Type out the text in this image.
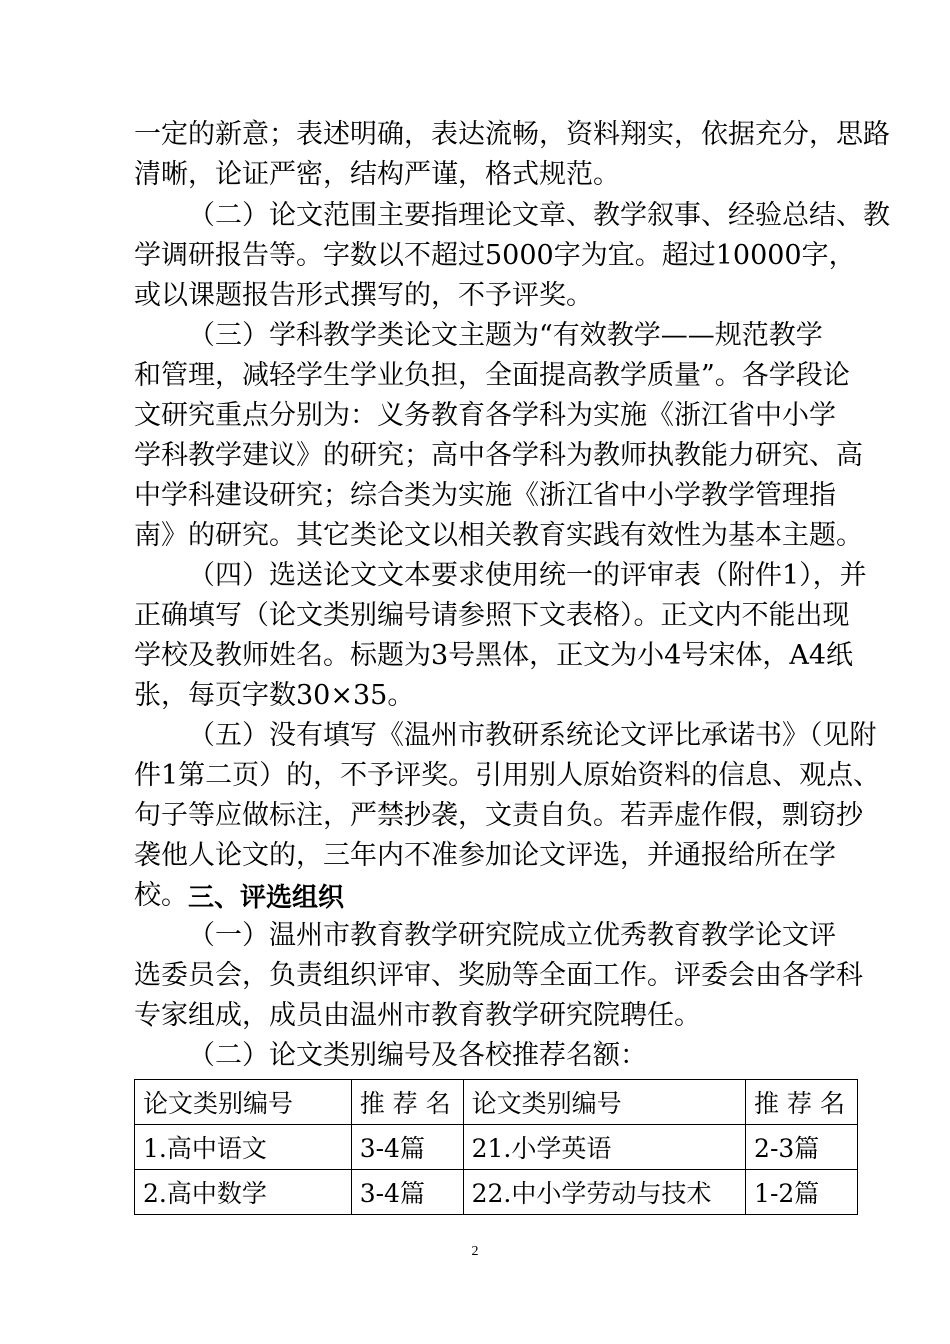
一定的新意；表述明确，表达流畅，资料翔实，依据充分，思路
清晰，论证严密，结构严谨，格式规范。
（二）论文范围主要指理论文章、教学叙事、经验总结、教
学调研报告等。字数以不超过5000字为宜。超过10000字，
或以课题报告形式撰写的，不予评奖。
（三）学科教学类论文主题为“有效教学——规范教学
和管理，减轻学生学业负担，全面提高教学质量”。各学段论
文研究重点分别为：义务教育各学科为实施《浙江省中小学
学科教学建议》的研究；高中各学科为教师执教能力研究、高
中学科建设研究；综合类为实施《浙江省中小学教学管理指
南》的研究。其它类论文以相关教育实践有效性为基本主题。
（四）选送论文文本要求使用统一的评审表（附件1），并
正确填写（论文类别编号请参照下文表格）。正文内不能出现
学校及教师姓名。标题为3号黑体，正文为小4号宋体，A4纸
张，每页字数30×35。
（五）没有填写《温州市教研系统论文评比承诺书》（见附
件1第二页）的，不予评奖。引用别人原始资料的信息、观点、
句子等应做标注，严禁抄袭，文责自负。若弄虚作假，剽窃抄
袭他人论文的，三年内不准参加论文评选，并通报给所在学
校。 三、评选组织
（一）温州市教育教学研究院成立优秀教育教学论文评
选委员会，负责组织评审、奖励等全面工作。评委会由各学科
专家组成，成员由温州市教育教学研究院聘任。
（二）论文类别编号及各校推荐名额：
论文类别编号	推 荐 名	论文类别编号	推 荐 名
1.高中语文	3-4篇	21.小学英语	2-3篇
2.高中数学	3-4篇	22.中小学劳动与技术	1-2篇
2
